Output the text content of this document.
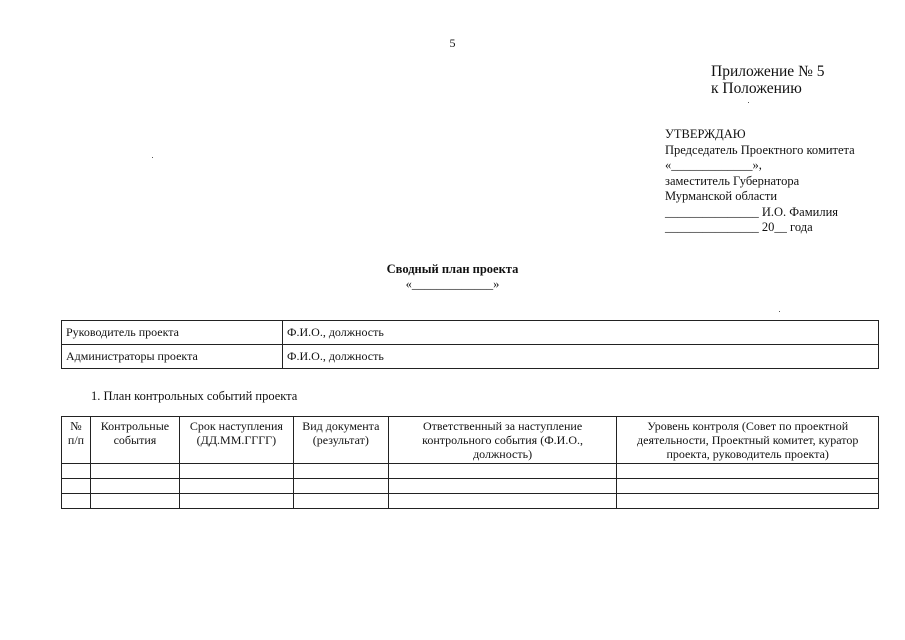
5
Приложение № 5
к Положению
УТВЕРЖДАЮ
Председатель Проектного комитета
«_____________»,
заместитель Губернатора
Мурманской области
_______________ И.О. Фамилия
_______________ 20__ года
Сводный план проекта
«_____________»
Руководитель проекта	Ф.И.О., должность
Администраторы проекта	Ф.И.О., должность
1. План контрольных событий проекта
№ п/п	Контрольные события	Срок наступления (ДД.ММ.ГГГГ)	Вид документа (результат)	Ответственный за наступление контрольного события (Ф.И.О., должность)	Уровень контроля (Совет по проектной деятельности, Проектный комитет, куратор проекта, руководитель проекта)
